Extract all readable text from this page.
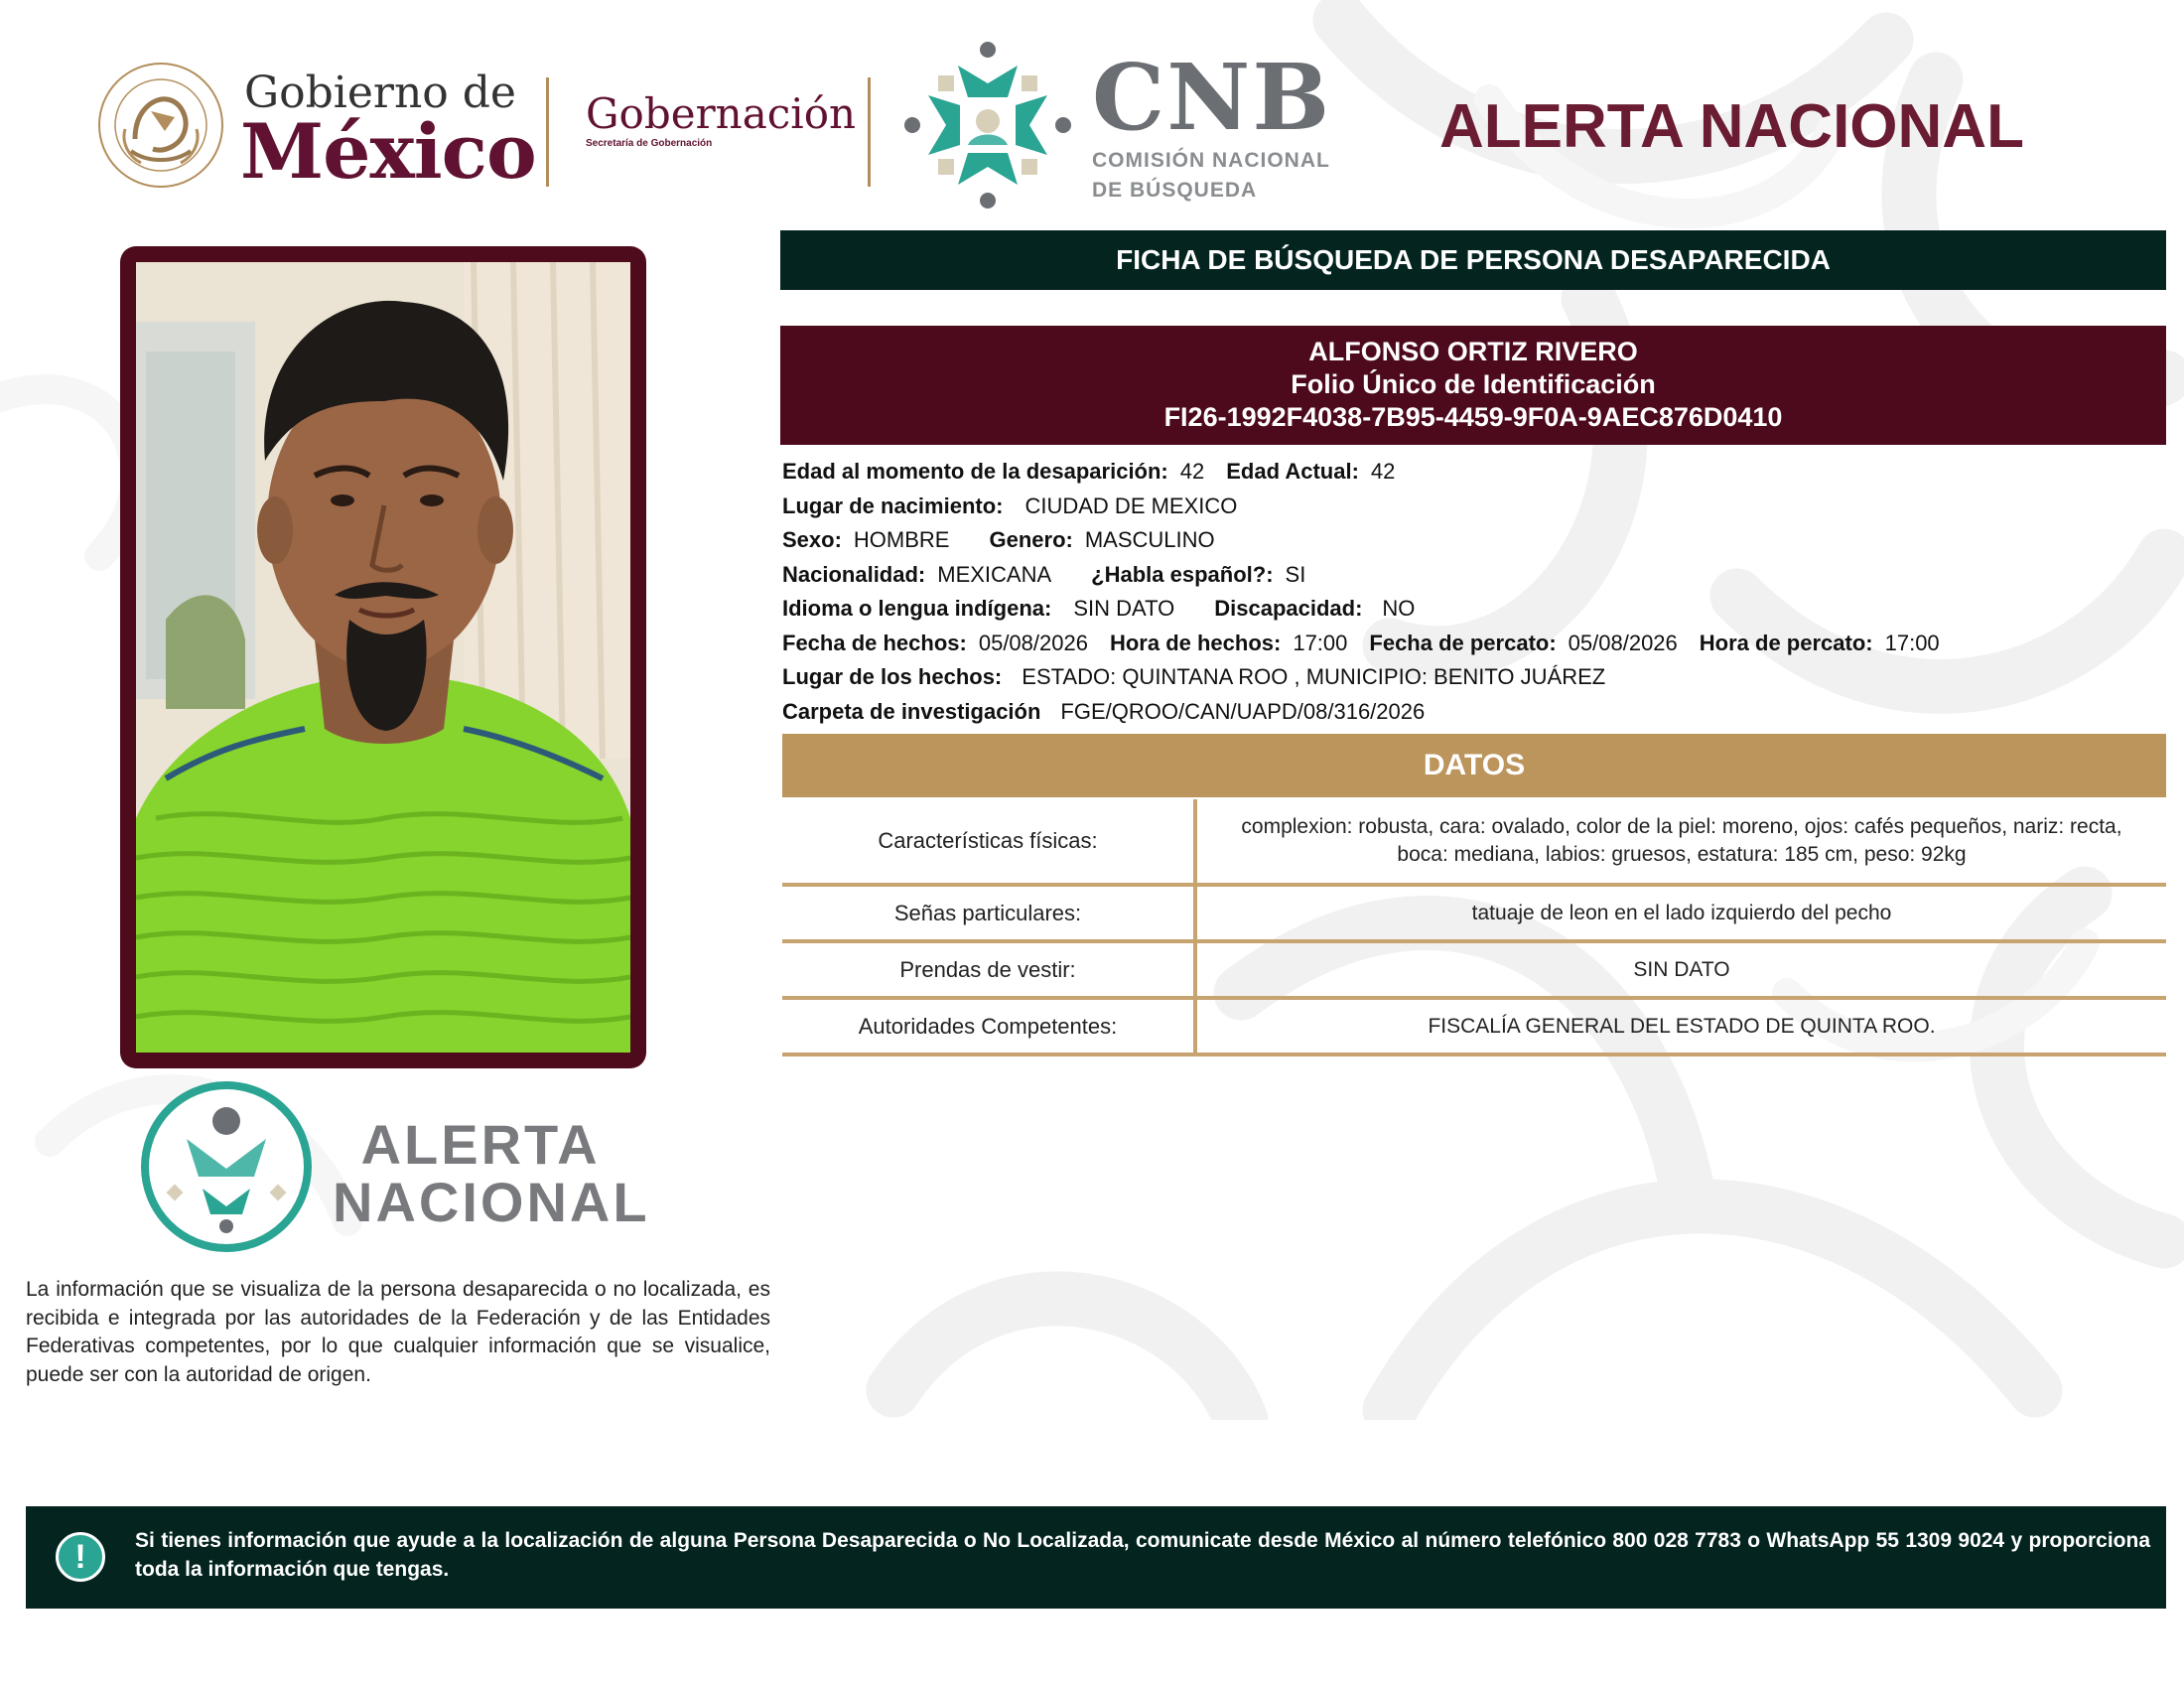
Gobierno de
México Gobernación
Secretaría de Gobernación	CNB
COMISIÓN NACIONAL
DE BÚSQUEDA
ALERTA NACIONAL
ALERTA
NACIONAL
La información que se visualiza de la persona desaparecida o no localizada, es recibida e integrada por las autoridades de la Federación y de las Entidades Federativas competentes, por lo que cualquier información que se visualice, puede ser con la autoridad de origen.
FICHA DE BÚSQUEDA DE PERSONA DESAPARECIDA
ALFONSO ORTIZ RIVERO
Folio Único de Identificación
FI26-1992F4038-7B95-4459-9F0A-9AEC876D0410
Edad al momento de la desaparición: 42 Edad Actual: 42
Lugar de nacimiento: CIUDAD DE MEXICO
Sexo: HOMBRE Genero: MASCULINO
Nacionalidad: MEXICANA ¿Habla español?: SI
Idioma o lengua indígena: SIN DATO Discapacidad: NO
Fecha de hechos: 05/08/2026 Hora de hechos: 17:00 Fecha de percato: 05/08/2026 Hora de percato: 17:00
Lugar de los hechos: ESTADO: QUINTANA ROO , MUNICIPIO: BENITO JUÁREZ
Carpeta de investigación FGE/QROO/CAN/UAPD/08/316/2026
DATOS
Características físicas:
complexion: robusta, cara: ovalado, color de la piel: moreno, ojos: cafés pequeños, nariz: recta, boca: mediana, labios: gruesos, estatura: 185 cm, peso: 92kg
Señas particulares:	tatuaje de leon en el lado izquierdo del pecho
Prendas de vestir:	SIN DATO
Autoridades Competentes:	FISCALÍA GENERAL DEL ESTADO DE QUINTA ROO.
!	Si tienes información que ayude a la localización de alguna Persona Desaparecida o No Localizada, comunicate desde México al número telefónico 800 028 7783 o WhatsApp 55 1309 9024 y proporciona toda la información que tengas.
